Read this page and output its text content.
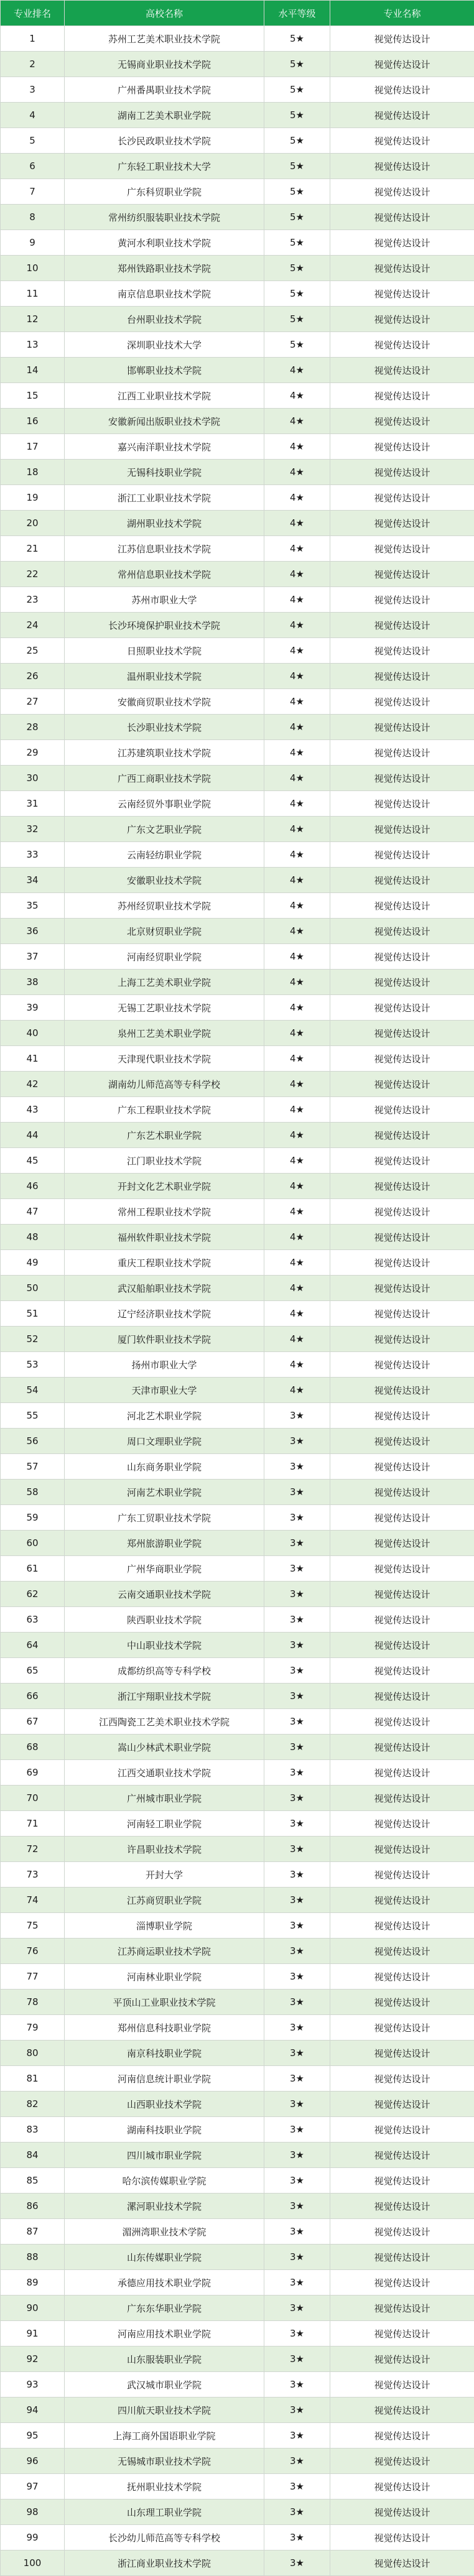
专业排名	高校名称	水平等级	专业名称
1	苏州工艺美术职业技术学院	5★	视觉传达设计
2	无锡商业职业技术学院	5★	视觉传达设计
3	广州番禺职业技术学院	5★	视觉传达设计
4	湖南工艺美术职业学院	5★	视觉传达设计
5	长沙民政职业技术学院	5★	视觉传达设计
6	广东轻工职业技术大学	5★	视觉传达设计
7	广东科贸职业学院	5★	视觉传达设计
8	常州纺织服装职业技术学院	5★	视觉传达设计
9	黄河水利职业技术学院	5★	视觉传达设计
10	郑州铁路职业技术学院	5★	视觉传达设计
11	南京信息职业技术学院	5★	视觉传达设计
12	台州职业技术学院	5★	视觉传达设计
13	深圳职业技术大学	5★	视觉传达设计
14	邯郸职业技术学院	4★	视觉传达设计
15	江西工业职业技术学院	4★	视觉传达设计
16	安徽新闻出版职业技术学院	4★	视觉传达设计
17	嘉兴南洋职业技术学院	4★	视觉传达设计
18	无锡科技职业学院	4★	视觉传达设计
19	浙江工业职业技术学院	4★	视觉传达设计
20	湖州职业技术学院	4★	视觉传达设计
21	江苏信息职业技术学院	4★	视觉传达设计
22	常州信息职业技术学院	4★	视觉传达设计
23	苏州市职业大学	4★	视觉传达设计
24	长沙环境保护职业技术学院	4★	视觉传达设计
25	日照职业技术学院	4★	视觉传达设计
26	温州职业技术学院	4★	视觉传达设计
27	安徽商贸职业技术学院	4★	视觉传达设计
28	长沙职业技术学院	4★	视觉传达设计
29	江苏建筑职业技术学院	4★	视觉传达设计
30	广西工商职业技术学院	4★	视觉传达设计
31	云南经贸外事职业学院	4★	视觉传达设计
32	广东文艺职业学院	4★	视觉传达设计
33	云南轻纺职业学院	4★	视觉传达设计
34	安徽职业技术学院	4★	视觉传达设计
35	苏州经贸职业技术学院	4★	视觉传达设计
36	北京财贸职业学院	4★	视觉传达设计
37	河南经贸职业学院	4★	视觉传达设计
38	上海工艺美术职业学院	4★	视觉传达设计
39	无锡工艺职业技术学院	4★	视觉传达设计
40	泉州工艺美术职业学院	4★	视觉传达设计
41	天津现代职业技术学院	4★	视觉传达设计
42	湖南幼儿师范高等专科学校	4★	视觉传达设计
43	广东工程职业技术学院	4★	视觉传达设计
44	广东艺术职业学院	4★	视觉传达设计
45	江门职业技术学院	4★	视觉传达设计
46	开封文化艺术职业学院	4★	视觉传达设计
47	常州工程职业技术学院	4★	视觉传达设计
48	福州软件职业技术学院	4★	视觉传达设计
49	重庆工程职业技术学院	4★	视觉传达设计
50	武汉船舶职业技术学院	4★	视觉传达设计
51	辽宁经济职业技术学院	4★	视觉传达设计
52	厦门软件职业技术学院	4★	视觉传达设计
53	扬州市职业大学	4★	视觉传达设计
54	天津市职业大学	4★	视觉传达设计
55	河北艺术职业学院	3★	视觉传达设计
56	周口文理职业学院	3★	视觉传达设计
57	山东商务职业学院	3★	视觉传达设计
58	河南艺术职业学院	3★	视觉传达设计
59	广东工贸职业技术学院	3★	视觉传达设计
60	郑州旅游职业学院	3★	视觉传达设计
61	广州华商职业学院	3★	视觉传达设计
62	云南交通职业技术学院	3★	视觉传达设计
63	陕西职业技术学院	3★	视觉传达设计
64	中山职业技术学院	3★	视觉传达设计
65	成都纺织高等专科学校	3★	视觉传达设计
66	浙江宇翔职业技术学院	3★	视觉传达设计
67	江西陶瓷工艺美术职业技术学院	3★	视觉传达设计
68	嵩山少林武术职业学院	3★	视觉传达设计
69	江西交通职业技术学院	3★	视觉传达设计
70	广州城市职业学院	3★	视觉传达设计
71	河南轻工职业学院	3★	视觉传达设计
72	许昌职业技术学院	3★	视觉传达设计
73	开封大学	3★	视觉传达设计
74	江苏商贸职业学院	3★	视觉传达设计
75	淄博职业学院	3★	视觉传达设计
76	江苏商运职业技术学院	3★	视觉传达设计
77	河南林业职业学院	3★	视觉传达设计
78	平顶山工业职业技术学院	3★	视觉传达设计
79	郑州信息科技职业学院	3★	视觉传达设计
80	南京科技职业学院	3★	视觉传达设计
81	河南信息统计职业学院	3★	视觉传达设计
82	山西职业技术学院	3★	视觉传达设计
83	湖南科技职业学院	3★	视觉传达设计
84	四川城市职业学院	3★	视觉传达设计
85	哈尔滨传媒职业学院	3★	视觉传达设计
86	漯河职业技术学院	3★	视觉传达设计
87	湄洲湾职业技术学院	3★	视觉传达设计
88	山东传媒职业学院	3★	视觉传达设计
89	承德应用技术职业学院	3★	视觉传达设计
90	广东东华职业学院	3★	视觉传达设计
91	河南应用技术职业学院	3★	视觉传达设计
92	山东服装职业学院	3★	视觉传达设计
93	武汉城市职业学院	3★	视觉传达设计
94	四川航天职业技术学院	3★	视觉传达设计
95	上海工商外国语职业学院	3★	视觉传达设计
96	无锡城市职业技术学院	3★	视觉传达设计
97	抚州职业技术学院	3★	视觉传达设计
98	山东理工职业学院	3★	视觉传达设计
99	长沙幼儿师范高等专科学校	3★	视觉传达设计
100	浙江商业职业技术学院	3★	视觉传达设计
